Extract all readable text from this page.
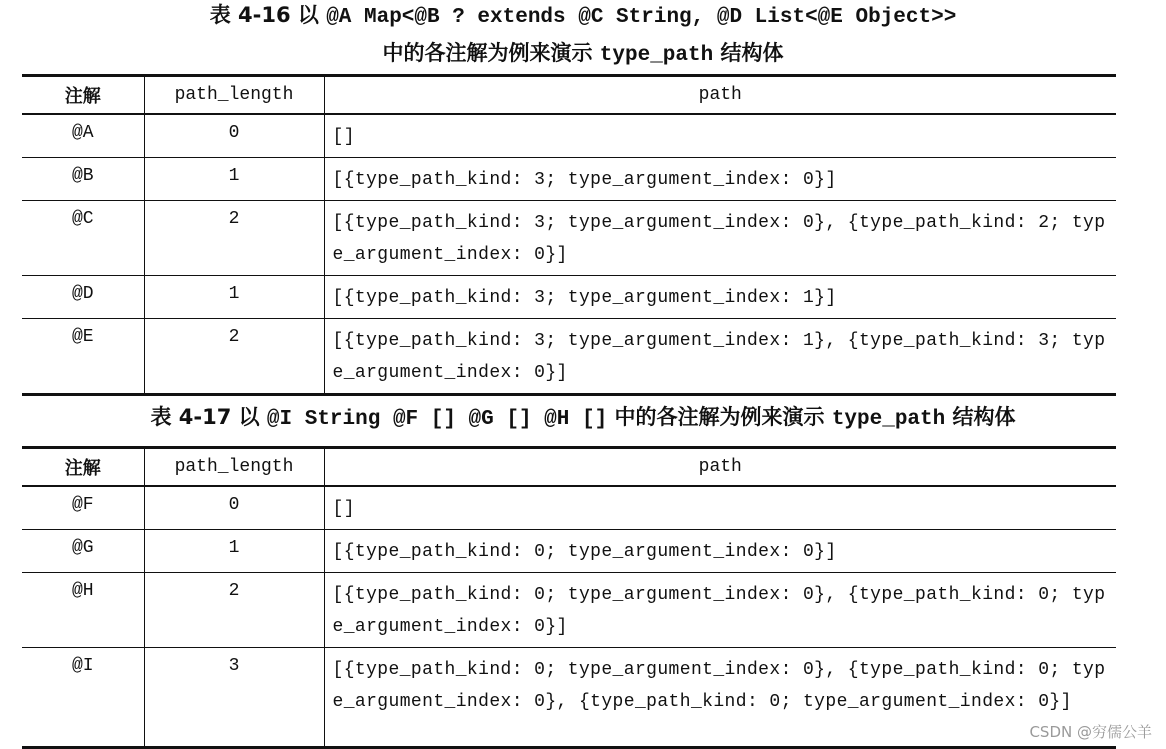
表 4-16 以 @A Map<@B ? extends @C String, @D List<@E Object>>
中的各注解为例来演示 type_path 结构体
注解	path_length	path
@A	0	[]
@B	1	[{type_path_kind: 3; type_argument_index: 0}]
@C	2	[{type_path_kind: 3; type_argument_index: 0}, {type_path_kind: 2; type_argument_index: 0}]
@D	1	[{type_path_kind: 3; type_argument_index: 1}]
@E	2	[{type_path_kind: 3; type_argument_index: 1}, {type_path_kind: 3; type_argument_index: 0}]
表 4-17 以 @I String @F [] @G [] @H [] 中的各注解为例来演示 type_path 结构体
注解	path_length	path
@F	0	[]
@G	1	[{type_path_kind: 0; type_argument_index: 0}]
@H	2	[{type_path_kind: 0; type_argument_index: 0}, {type_path_kind: 0; type_argument_index: 0}]
@I	3	[{type_path_kind: 0; type_argument_index: 0}, {type_path_kind: 0; type_argument_index: 0}, {type_path_kind: 0; type_argument_index: 0}]
CSDN @穷儒公羊
